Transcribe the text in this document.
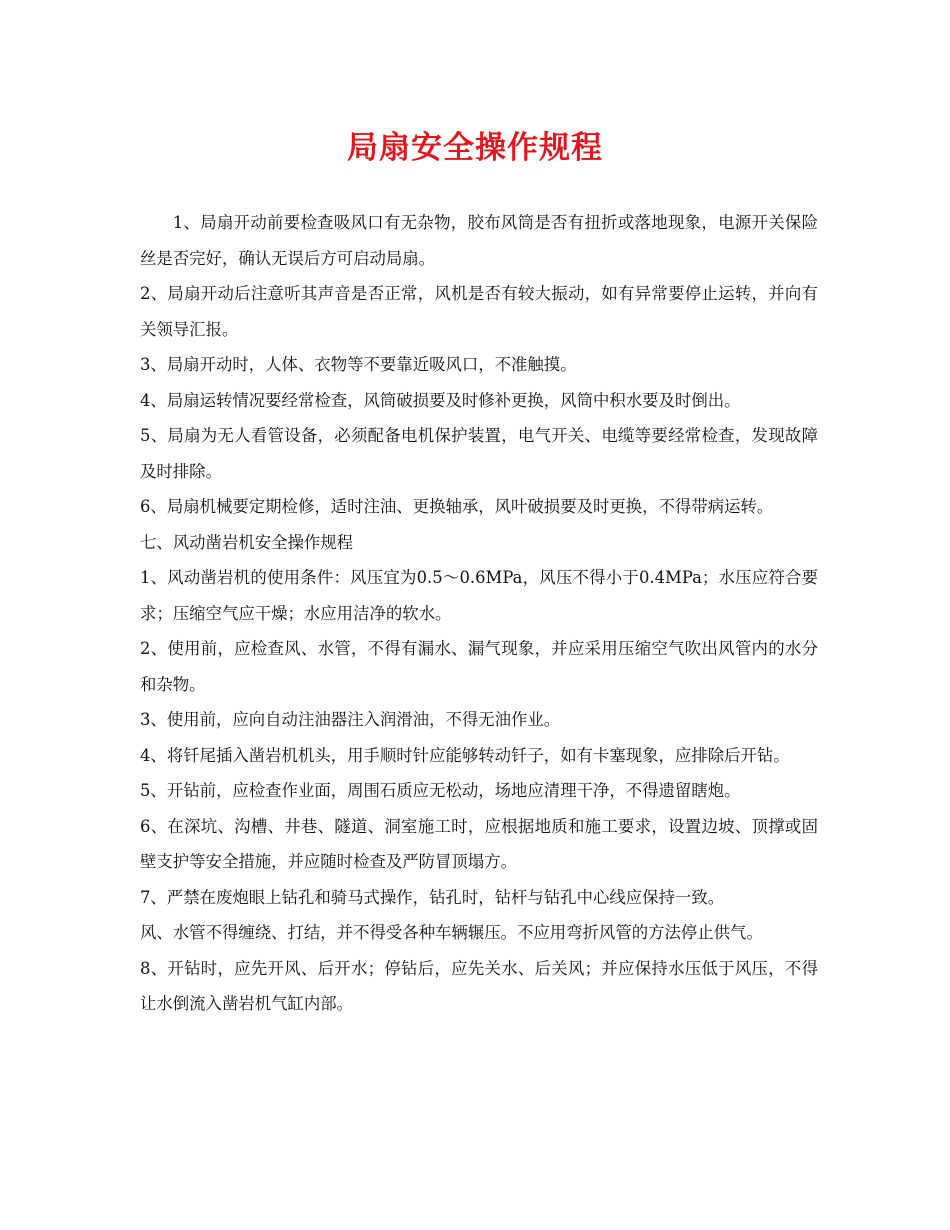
局扇安全操作规程

1、局扇开动前要检查吸风口有无杂物，胶布风筒是否有扭折或落地现象，电源开关保险丝是否完好，确认无误后方可启动局扇。

2、局扇开动后注意听其声音是否正常，风机是否有较大振动，如有异常要停止运转，并向有关领导汇报。

3、局扇开动时，人体、衣物等不要靠近吸风口，不准触摸。

4、局扇运转情况要经常检查，风筒破损要及时修补更换，风筒中积水要及时倒出。

5、局扇为无人看管设备，必须配备电机保护装置，电气开关、电缆等要经常检查，发现故障及时排除。

6、局扇机械要定期检修，适时注油、更换轴承，风叶破损要及时更换，不得带病运转。

七、风动凿岩机安全操作规程

1、风动凿岩机的使用条件：风压宜为0.5～0.6MPa，风压不得小于0.4MPa；水压应符合要求；压缩空气应干燥；水应用洁净的软水。

2、使用前，应检查风、水管，不得有漏水、漏气现象，并应采用压缩空气吹出风管内的水分和杂物。

3、使用前，应向自动注油器注入润滑油，不得无油作业。

4、将钎尾插入凿岩机机头，用手顺时针应能够转动钎子，如有卡塞现象，应排除后开钻。

5、开钻前，应检查作业面，周围石质应无松动，场地应清理干净，不得遗留瞎炮。

6、在深坑、沟槽、井巷、隧道、洞室施工时，应根据地质和施工要求，设置边坡、顶撑或固壁支护等安全措施，并应随时检查及严防冒顶塌方。

7、严禁在废炮眼上钻孔和骑马式操作，钻孔时，钻杆与钻孔中心线应保持一致。

风、水管不得缠绕、打结，并不得受各种车辆辗压。不应用弯折风管的方法停止供气。

8、开钻时，应先开风、后开水；停钻后，应先关水、后关风；并应保持水压低于风压，不得让水倒流入凿岩机气缸内部。
